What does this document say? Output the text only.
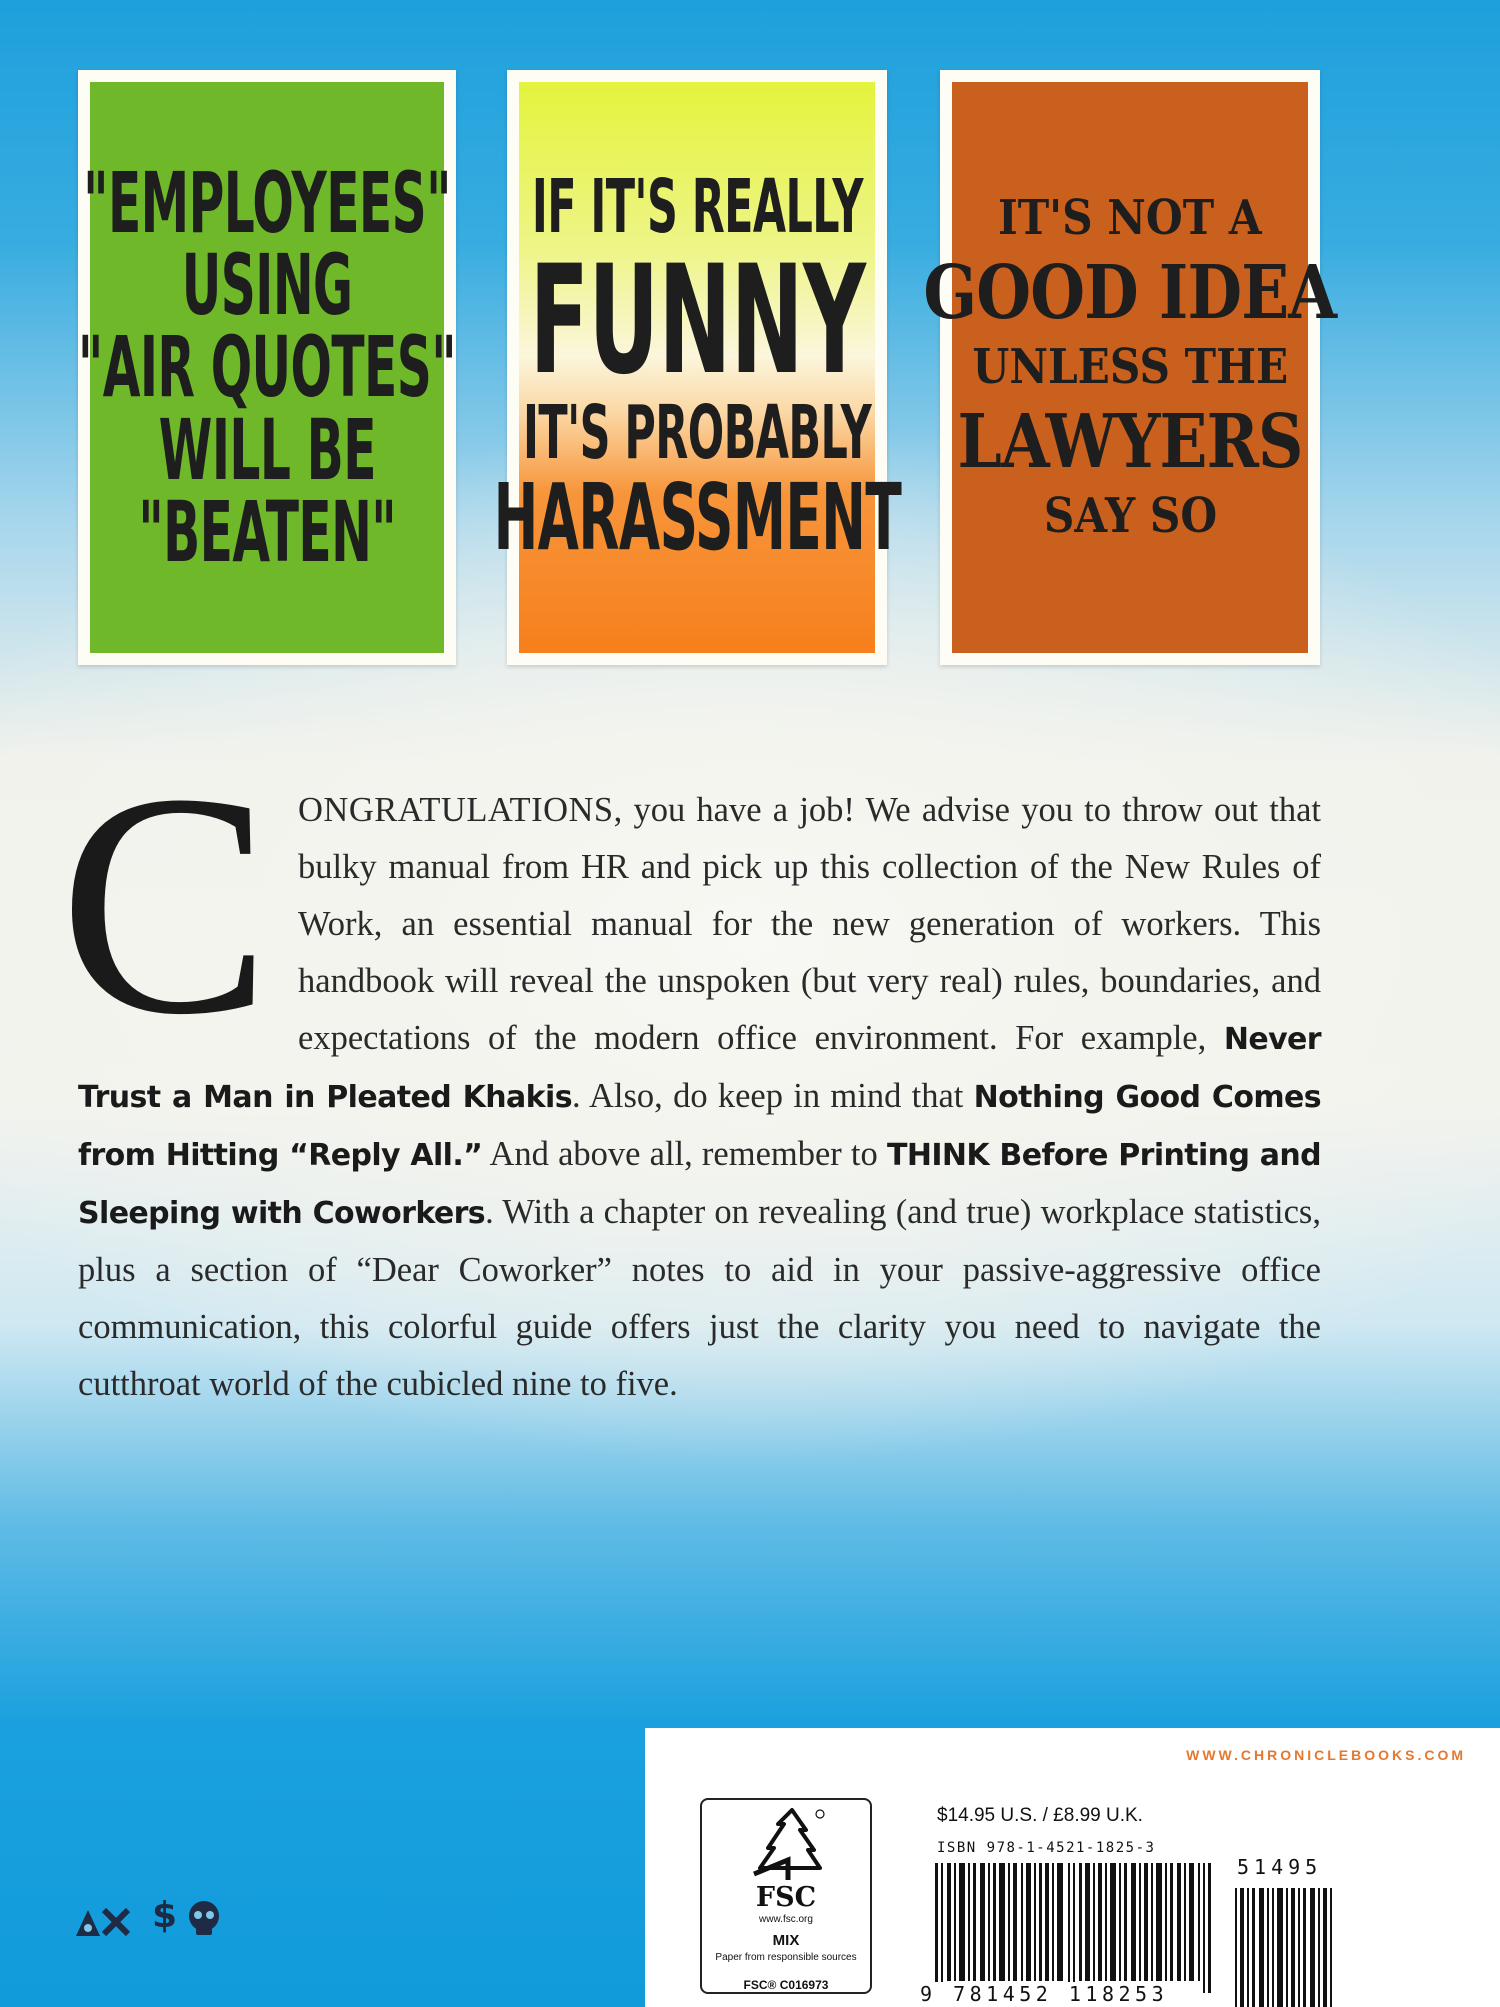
"EMPLOYEES"
USING
"AIR QUOTES"
WILL BE
"BEATEN"
IF IT'S REALLY
FUNNY
IT'S PROBABLY
HARASSMENT
IT'S NOT A
GOOD IDEA
UNLESS THE
LAWYERS
SAY SO
CONGRATULATIONS, you have a job! We advise you to throw out that bulky manual from HR and pick up this collection of the New Rules of Work, an essential manual for the new generation of workers. This handbook will reveal the unspoken (but very real) rules, boundaries, and expectations of the modern office environment. For example, Never Trust a Man in Pleated Khakis. Also, do keep in mind that Nothing Good Comes from Hitting “Reply All.” And above all, remember to THINK Before Printing and Sleeping with Coworkers. With a chapter on revealing (and true) workplace statistics, plus a section of “Dear Coworker” notes to aid in your passive-aggressive office communication, this colorful guide offers just the clarity you need to navigate the cutthroat world of the cubicled nine to five.
$
WWW.CHRONICLEBOOKS.COM
FSC
www.fsc.org
MIX
Paper from responsible sources
FSC® C016973
$14.95 U.S. / £8.99 U.K.
ISBN 978-1-4521-1825-3
9 781452 118253
51495
